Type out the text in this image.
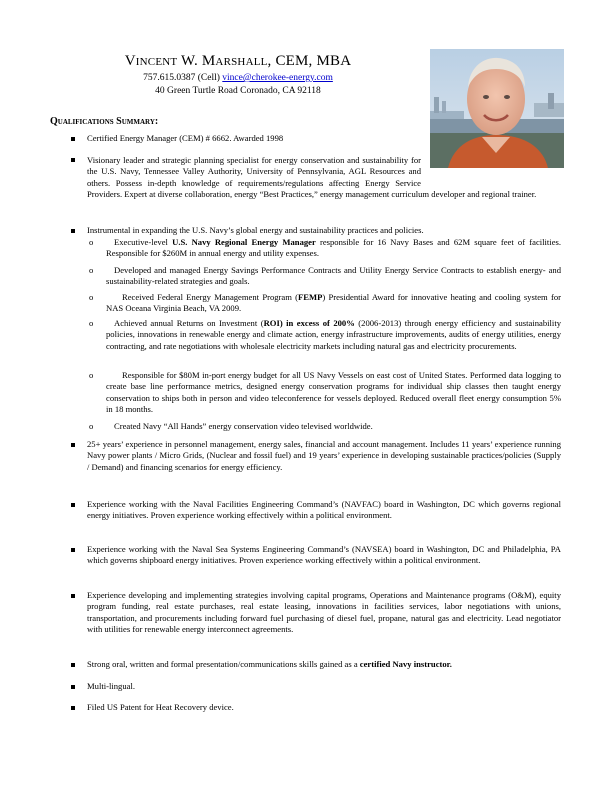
Vincent W. Marshall, CEM, MBA
757.615.0387 (Cell) vince@cherokee-energy.com
40 Green Turtle Road Coronado, CA 92118
Qualifications Summary:
Certified Energy Manager (CEM) # 6662. Awarded 1998
Visionary leader and strategic planning specialist for energy conservation and sustainability for the U.S. Navy, Tennessee Valley Authority, University of Pennsylvania, AGL Resources and others. Possess in-depth knowledge of requirements/regulations affecting Energy Service Providers. Expert at diverse collaboration, energy “Best Practices,” energy management curriculum developer and regional trainer.
Instrumental in expanding the U.S. Navy’s global energy and sustainability practices and policies.
o	Executive-level U.S. Navy Regional Energy Manager responsible for 16 Navy Bases and 62M square feet of facilities. Responsible for $260M in annual energy and utility expenses.
o	Developed and managed Energy Savings Performance Contracts and Utility Energy Service Contracts to establish energy- and sustainability-related strategies and goals.
o	Received Federal Energy Management Program (FEMP) Presidential Award for innovative heating and cooling system for NAS Oceana Virginia Beach, VA 2009.
o	Achieved annual Returns on Investment (ROI) in excess of 200% (2006-2013) through energy efficiency and sustainability policies, innovations in renewable energy and climate action, energy infrastructure improvements, audits of energy utilities, energy contracting, and rate negotiations with wholesale electricity markets including natural gas and electricity procurements.
o	Responsible for $80M in-port energy budget for all US Navy Vessels on east cost of United States. Performed data logging to create base line performance metrics, designed energy conservation programs for individual ship classes then taught energy conservation to ships both in person and video teleconference for vessels deployed. Reduced overall fleet energy consumption 5% in 18 months.
o	Created Navy “All Hands” energy conservation video televised worldwide.
25+ years’ experience in personnel management, energy sales, financial and account management. Includes 11 years’ experience running Navy power plants / Micro Grids, (Nuclear and fossil fuel) and 19 years’ experience in developing sustainable practices/policies (Supply / Demand) and financing scenarios for energy efficiency.
Experience working with the Naval Facilities Engineering Command’s (NAVFAC) board in Washington, DC which governs regional energy initiatives. Proven experience working effectively within a political environment.
Experience working with the Naval Sea Systems Engineering Command’s (NAVSEA) board in Washington, DC and Philadelphia, PA which governs shipboard energy initiatives. Proven experience working effectively within a political environment.
Experience developing and implementing strategies involving capital programs, Operations and Maintenance programs (O&M), equity program funding, real estate purchases, real estate leasing, innovations in facilities services, labor negotiations with unions, transportation, and procurements including forward fuel purchasing of diesel fuel, propane, natural gas and electricity. Lead negotiator with utilities for renewable energy interconnect agreements.
Strong oral, written and formal presentation/communications skills gained as a certified Navy instructor.
Multi-lingual.
Filed US Patent for Heat Recovery device.
